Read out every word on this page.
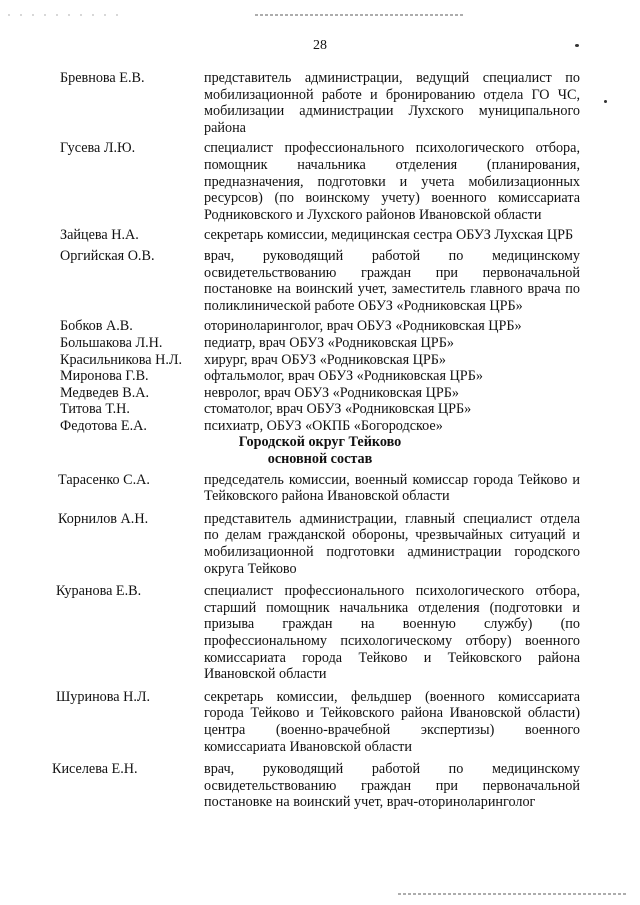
28
Бревнова Е.В.	представитель администрации, ведущий специалист по мобилизационной работе и бронированию отдела ГО ЧС, мобилизации администрации Лухского муниципального района
Гусева Л.Ю.	специалист профессионального психологического отбора, помощник начальника отделения (планирования, предназначения, подготовки и учета мобилизационных ресурсов) (по воинскому учету) военного комиссариата Родниковского и Лухского районов Ивановской области
Зайцева Н.А.	секретарь комиссии, медицинская сестра ОБУЗ Лухская ЦРБ
Оргийская О.В.	врач, руководящий работой по медицинскому освидетельствованию граждан при первоначальной постановке на воинский учет, заместитель главного врача по поликлинической работе ОБУЗ «Родниковская ЦРБ»
Бобков А.В.	оториноларинголог, врач ОБУЗ «Родниковская ЦРБ»
Большакова Л.Н.	педиатр, врач ОБУЗ «Родниковская ЦРБ»
Красильникова Н.Л.	хирург, врач ОБУЗ «Родниковская ЦРБ»
Миронова Г.В.	офтальмолог, врач ОБУЗ «Родниковская ЦРБ»
Медведев В.А.	невролог, врач ОБУЗ «Родниковская ЦРБ»
Титова Т.Н.	стоматолог, врач ОБУЗ «Родниковская ЦРБ»
Федотова Е.А.	психиатр, ОБУЗ «ОКПБ «Богородское»
Городской округ Тейково
основной состав
Тарасенко С.А.	председатель комиссии, военный комиссар города Тейково и Тейковского района Ивановской области
Корнилов А.Н.	представитель администрации, главный специалист отдела по делам гражданской обороны, чрезвычайных ситуаций и мобилизационной подготовки администрации городского округа Тейково
Куранова Е.В.	специалист профессионального психологического отбора, старший помощник начальника отделения (подготовки и призыва граждан на военную службу) (по профессиональному психологическому отбору) военного комиссариата города Тейково и Тейковского района Ивановской области
Шуринова Н.Л.	секретарь комиссии, фельдшер (военного комиссариата города Тейково и Тейковского района Ивановской области) центра (военно-врачебной экспертизы) военного комиссариата Ивановской области
Киселева Е.Н.	врач, руководящий работой по медицинскому освидетельствованию граждан при первоначальной постановке на воинский учет, врач-оториноларинголог
